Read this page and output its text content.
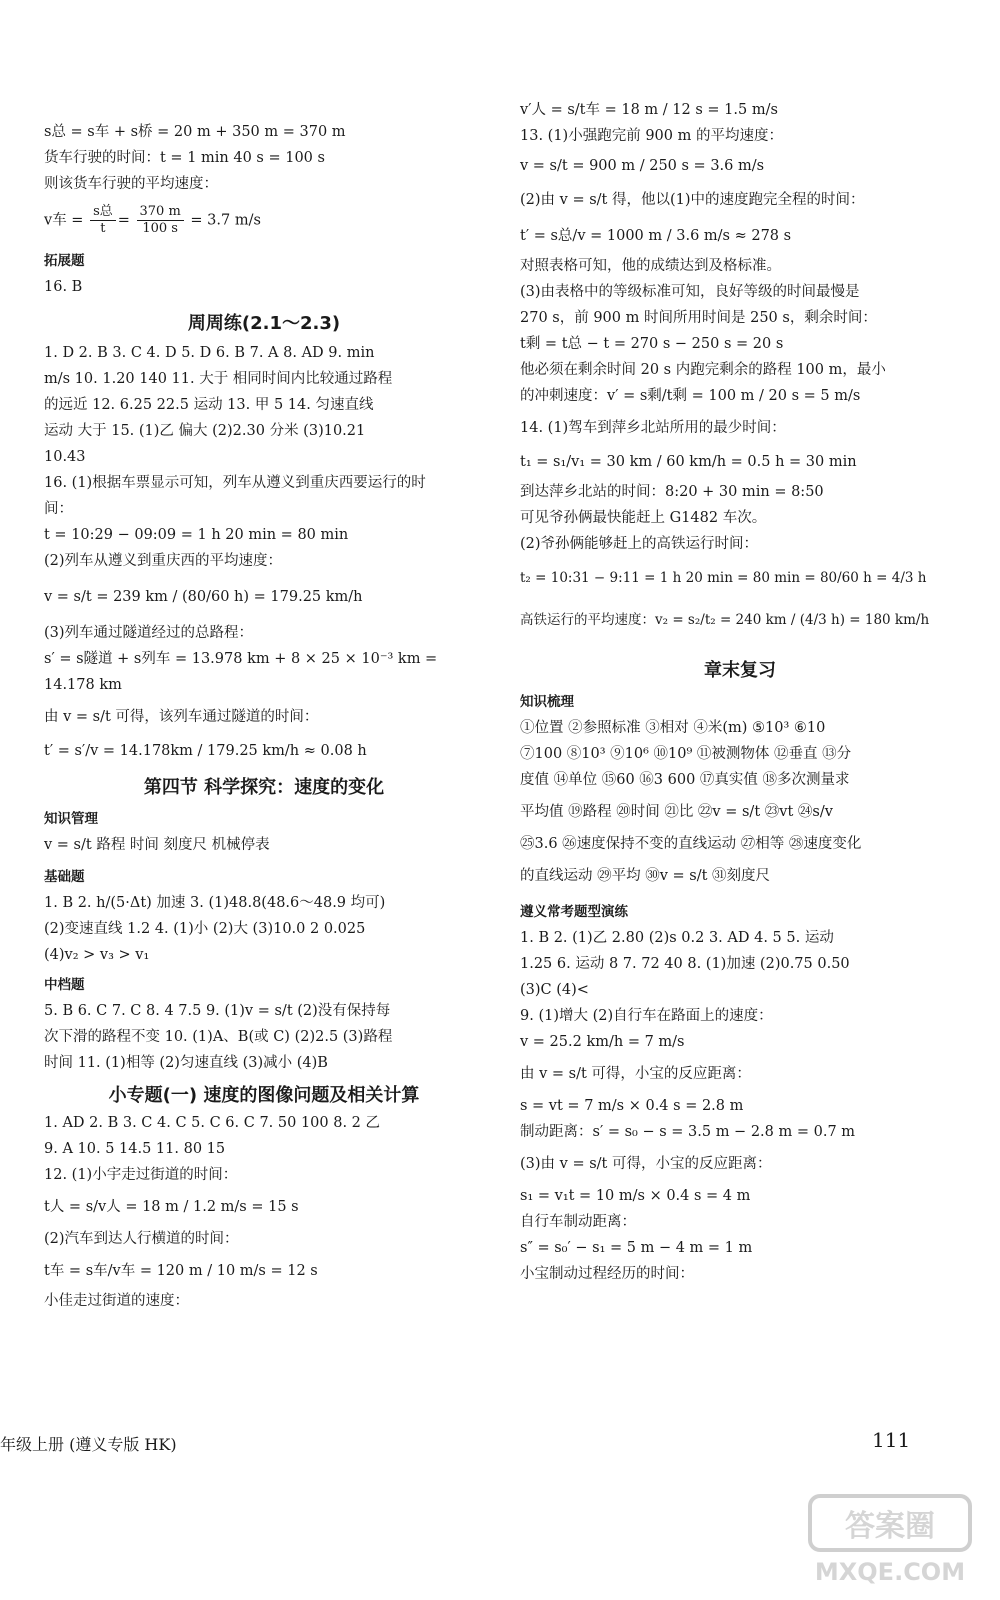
s总 = s车 + s桥 = 20 m + 350 m = 370 m

货车行驶的时间：t = 1 min 40 s = 100 s

则该货车行驶的平均速度：

v车 = $\frac{\text{s总}}{t} = \frac{370 m}{100 s} = 3.7$ m/s

拓展题

16. B

周周练(2.1～2.3)

1. D 2. B 3. C 4. D 5. D 6. B 7. A 8. AD 9. min

m/s 10. 1.20 140 11. 大于 相同时间内比较通过路程

的远近 12. 6.25 22.5 运动 13. 甲 5 14. 匀速直线

运动 大于 15. (1)乙 偏大 (2)2.30 分米 (3)10.21

10.43

16. (1)根据车票显示可知，列车从遵义到重庆西要运行的时

间：

t = 10:29 − 09:09 = 1 h 20 min = 80 min

(2)列车从遵义到重庆西的平均速度：

v = s/t = 239 km / (80/60 h) = 179.25 km/h

(3)列车通过隧道经过的总路程：

s′ = s隧道 + s列车 = 13.978 km + 8 × 25 × 10⁻³ km =

14.178 km

由 v = s/t 可得，该列车通过隧道的时间：

t′ = s′/v = 14.178km / 179.25 km/h ≈ 0.08 h

第四节 科学探究：速度的变化

知识管理

v = s/t 路程 时间 刻度尺 机械停表

基础题

1. B 2. h/(5·Δt) 加速 3. (1)48.8(48.6～48.9 均可)

(2)变速直线 1.2 4. (1)小 (2)大 (3)10.0 2 0.025

(4)v₂ > v₃ > v₁

中档题

5. B 6. C 7. C 8. 4 7.5 9. (1)v = s/t (2)没有保持每

次下滑的路程不变 10. (1)A、B(或 C) (2)2.5 (3)路程

时间 11. (1)相等 (2)匀速直线 (3)减小 (4)B

小专题(一) 速度的图像问题及相关计算

1. AD 2. B 3. C 4. C 5. C 6. C 7. 50 100 8. 2 乙

9. A 10. 5 14.5 11. 80 15

12. (1)小宇走过街道的时间：

t人 = s/v人 = 18 m / 1.2 m/s = 15 s

(2)汽车到达人行横道的时间：

t车 = s车/v车 = 120 m / 10 m/s = 12 s

小佳走过街道的速度：

v′人 = s/t车 = 18 m / 12 s = 1.5 m/s

13. (1)小强跑完前 900 m 的平均速度：

v = s/t = 900 m / 250 s = 3.6 m/s

(2)由 v = s/t 得，他以(1)中的速度跑完全程的时间：

t′ = s总/v = 1000 m / 3.6 m/s ≈ 278 s

对照表格可知，他的成绩达到及格标准。

(3)由表格中的等级标准可知，良好等级的时间最慢是

270 s，前 900 m 时间所用时间是 250 s，剩余时间：

t剩 = t总 − t = 270 s − 250 s = 20 s

他必须在剩余时间 20 s 内跑完剩余的路程 100 m，最小

的冲刺速度：v′ = s剩/t剩 = 100 m / 20 s = 5 m/s

14. (1)驾车到萍乡北站所用的最少时间：

t₁ = s₁/v₁ = 30 km / 60 km/h = 0.5 h = 30 min

到达萍乡北站的时间：8:20 + 30 min = 8:50

可见爷孙俩最快能赶上 G1482 车次。

(2)爷孙俩能够赶上的高铁运行时间：

t₂ = 10:31 − 9:11 = 1 h 20 min = 80 min = 80/60 h = 4/3 h

高铁运行的平均速度：v₂ = s₂/t₂ = 240 km / (4/3 h) = 180 km/h

章末复习

知识梳理

①位置 ②参照标准 ③相对 ④米(m) ⑤10³ ⑥10

⑦100 ⑧10³ ⑨10⁶ ⑩10⁹ ⑪被测物体 ⑫垂直 ⑬分

度值 ⑭单位 ⑮60 ⑯3 600 ⑰真实值 ⑱多次测量求

平均值 ⑲路程 ⑳时间 ㉑比 ㉒v = s/t ㉓vt ㉔s/v

㉕3.6 ㉖速度保持不变的直线运动 ㉗相等 ㉘速度变化

的直线运动 ㉙平均 ㉚v = s/t ㉛刻度尺

遵义常考题型演练

1. B 2. (1)乙 2.80 (2)s 0.2 3. AD 4. 5 5. 运动

1.25 6. 运动 8 7. 72 40 8. (1)加速 (2)0.75 0.50

(3)C (4)<

9. (1)增大 (2)自行车在路面上的速度：

v = 25.2 km/h = 7 m/s

由 v = s/t 可得，小宝的反应距离：

s = vt = 7 m/s × 0.4 s = 2.8 m

制动距离：s′ = s₀ − s = 3.5 m − 2.8 m = 0.7 m

(3)由 v = s/t 可得，小宝的反应距离：

s₁ = v₁t = 10 m/s × 0.4 s = 4 m

自行车制动距离：

s″ = s₀′ − s₁ = 5 m − 4 m = 1 m

小宝制动过程经历的时间：

年级上册 (遵义专版 HK)	111
答案圈
MXQE.COM
